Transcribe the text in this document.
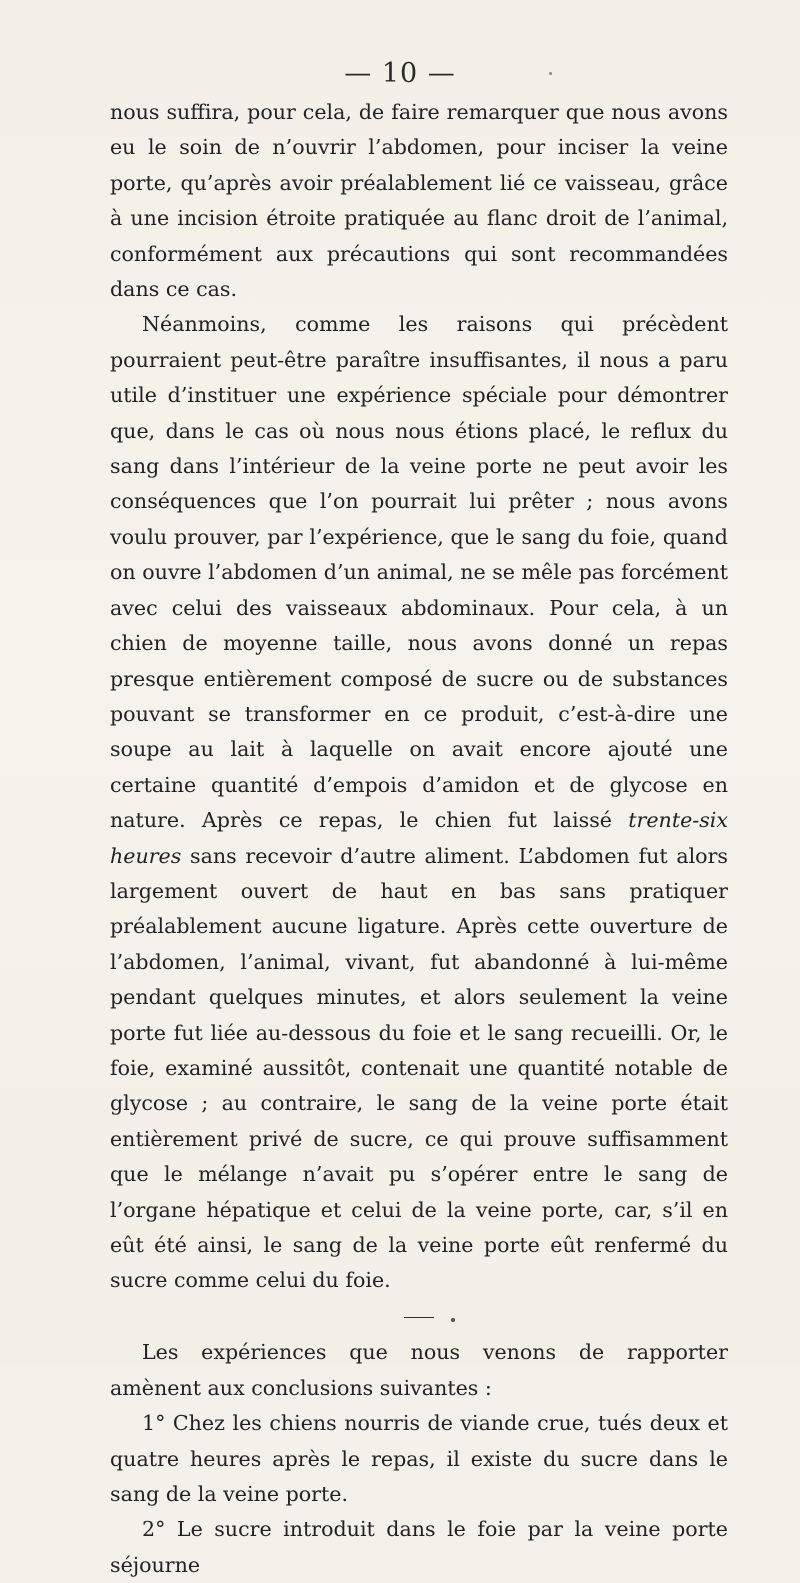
— 10 —

nous suffira, pour cela, de faire remarquer que nous avons eu le soin de n’ouvrir l’abdomen, pour inciser la veine porte, qu’après avoir préalablement lié ce vaisseau, grâce à une incision étroite pratiquée au flanc droit de l’animal, conformément aux précautions qui sont recommandées dans ce cas.

Néanmoins, comme les raisons qui précèdent pourraient peut-être paraître insuffisantes, il nous a paru utile d’instituer une expérience spéciale pour démontrer que, dans le cas où nous nous étions placé, le reflux du sang dans l’intérieur de la veine porte ne peut avoir les conséquences que l’on pourrait lui prêter ; nous avons voulu prouver, par l’expérience, que le sang du foie, quand on ouvre l’abdomen d’un animal, ne se mêle pas forcément avec celui des vaisseaux abdominaux. Pour cela, à un chien de moyenne taille, nous avons donné un repas presque entièrement composé de sucre ou de substances pouvant se transformer en ce produit, c’est-à-dire une soupe au lait à laquelle on avait encore ajouté une certaine quantité d’empois d’amidon et de glycose en nature. Après ce repas, le chien fut laissé trente-six heures sans recevoir d’autre aliment. L’abdomen fut alors largement ouvert de haut en bas sans pratiquer préalablement aucune ligature. Après cette ouverture de l’abdomen, l’animal, vivant, fut abandonné à lui-même pendant quelques minutes, et alors seulement la veine porte fut liée au-dessous du foie et le sang recueilli. Or, le foie, examiné aussitôt, contenait une quantité notable de glycose ; au contraire, le sang de la veine porte était entièrement privé de sucre, ce qui prouve suffisamment que le mélange n’avait pu s’opérer entre le sang de l’organe hépatique et celui de la veine porte, car, s’il en eût été ainsi, le sang de la veine porte eût renfermé du sucre comme celui du foie.

Les expériences que nous venons de rapporter amènent aux conclusions suivantes :

1° Chez les chiens nourris de viande crue, tués deux et quatre heures après le repas, il existe du sucre dans le sang de la veine porte.

2° Le sucre introduit dans le foie par la veine porte séjourne
